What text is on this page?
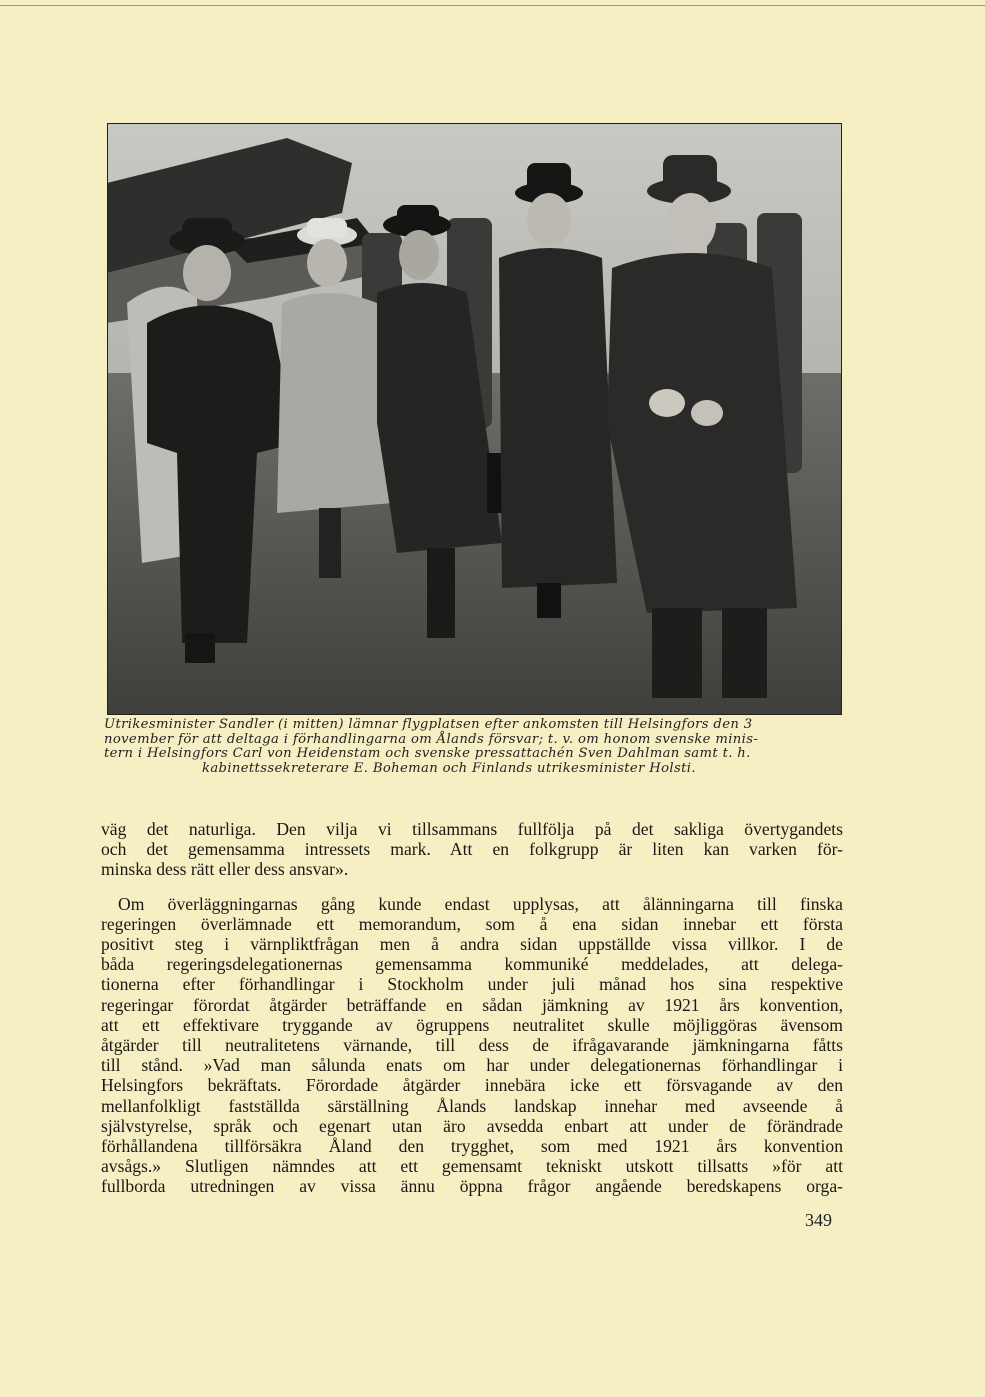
Utrikesminister Sandler (i mitten) lämnar flygplatsen efter ankomsten till Helsingfors den 3
november för att deltaga i förhandlingarna om Ålands försvar; t. v. om honom svenske minis-
tern i Helsingfors Carl von Heidenstam och svenske pressattachén Sven Dahlman samt t. h.
kabinettssekreterare E. Boheman och Finlands utrikesminister Holsti.
väg det naturliga. Den vilja vi tillsammans fullfölja på det sakliga övertygandets
och det gemensamma intressets mark. Att en folkgrupp är liten kan varken för-
minska dess rätt eller dess ansvar».
Om överläggningarnas gång kunde endast upplysas, att ålänningarna till finska
regeringen överlämnade ett memorandum, som å ena sidan innebar ett första
positivt steg i värnpliktfrågan men å andra sidan uppställde vissa villkor. I de
båda regeringsdelegationernas gemensamma kommuniké meddelades, att delega-
tionerna efter förhandlingar i Stockholm under juli månad hos sina respektive
regeringar förordat åtgärder beträffande en sådan jämkning av 1921 års konvention,
att ett effektivare tryggande av ögruppens neutralitet skulle möjliggöras ävensom
åtgärder till neutralitetens värnande, till dess de ifrågavarande jämkningarna fåtts
till stånd. »Vad man sålunda enats om har under delegationernas förhandlingar i
Helsingfors bekräftats. Förordade åtgärder innebära icke ett försvagande av den
mellanfolkligt fastställda särställning Ålands landskap innehar med avseende å
självstyrelse, språk och egenart utan äro avsedda enbart att under de förändrade
förhållandena tillförsäkra Åland den trygghet, som med 1921 års konvention
avsågs.» Slutligen nämndes att ett gemensamt tekniskt utskott tillsatts »för att
fullborda utredningen av vissa ännu öppna frågor angående beredskapens orga-
349
